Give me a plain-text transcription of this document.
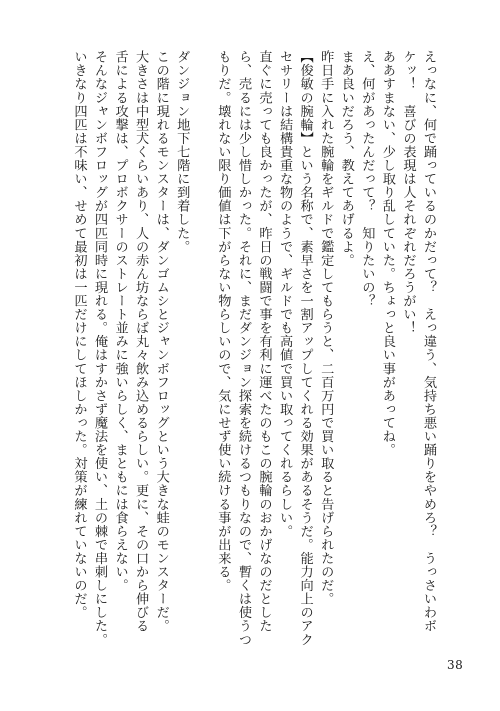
えっなに、何で踊っているのかだって？　えっ違う、気持ち悪い踊りをやめろ？　うっさいわボ
ケッ！　喜びの表現は人それぞれだろうがい！
ああすまない、少し取り乱していた。ちょっと良い事があってね。
え、何があったんだって？　知りたいの？
まあ良いだろう、教えてあげるよ。
昨日手に入れた腕輪をギルドで鑑定してもらうと、二百万円で買い取ると告げられたのだ。
【俊敏の腕輪】という名称で、素早さを一割アップしてくれる効果があるそうだ。能力向上のアク
セサリーは結構貴重な物のようで、ギルドでも高値で買い取ってくれるらしい。
直ぐに売っても良かったが、昨日の戦闘で事を有利に運べたのもこの腕輪のおかげなのだとした
ら、売るには少し惜しかった。それに、まだダンジョン探索を続けるつもりなので、暫くは使うつ
もりだ。壊れない限り価値は下がらない物らしいので、気にせず使い続ける事が出来る。
ダンジョン地下七階に到着した。
この階に現れるモンスターは、ダンゴムシとジャンボフロッグという大きな蛙のモンスターだ。
大きさは中型犬くらいあり、人の赤ん坊ならば丸々飲み込めるらしい。更に、その口から伸びる
舌による攻撃は、プロボクサーのストレート並みに強いらしく、まともには食らえない。
そんなジャンボフロッグが四匹同時に現れる。俺はすかさず魔法を使い、土の棘で串刺しにした。
いきなり四匹は不味い、せめて最初は一匹だけにしてほしかった。対策が練れていないのだ。
38
